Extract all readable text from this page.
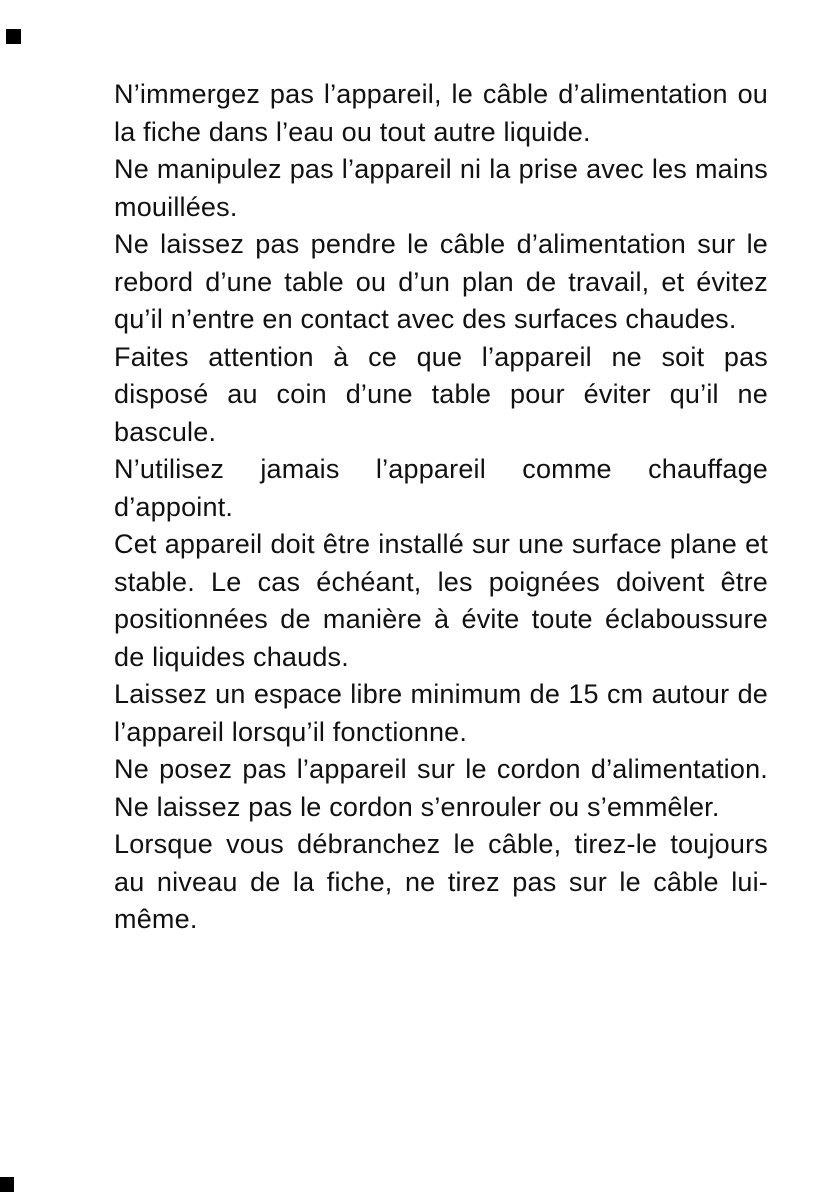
N’immergez pas l’appareil, le câble d’alimentation ou la fiche dans l’eau ou tout autre liquide.

Ne manipulez pas l’appareil ni la prise avec les mains mouillées.

Ne laissez pas pendre le câble d’alimentation sur le rebord d’une table ou d’un plan de travail, et évitez qu’il n’entre en contact avec des surfaces chaudes.

Faites attention à ce que l’appareil ne soit pas disposé au coin d’une table pour éviter qu’il ne bascule.

N’utilisez jamais l’appareil comme chauffage d’appoint.

Cet appareil doit être installé sur une surface plane et stable. Le cas échéant, les poignées doivent être positionnées de manière à évite toute éclaboussure de liquides chauds.

Laissez un espace libre minimum de 15 cm autour de l’appareil lorsqu’il fonctionne.

Ne posez pas l’appareil sur le cordon d’alimentation. Ne laissez pas le cordon s’enrouler ou s’emmêler.

Lorsque vous débranchez le câble, tirez-le toujours au niveau de la fiche, ne tirez pas sur le câble lui-même.
